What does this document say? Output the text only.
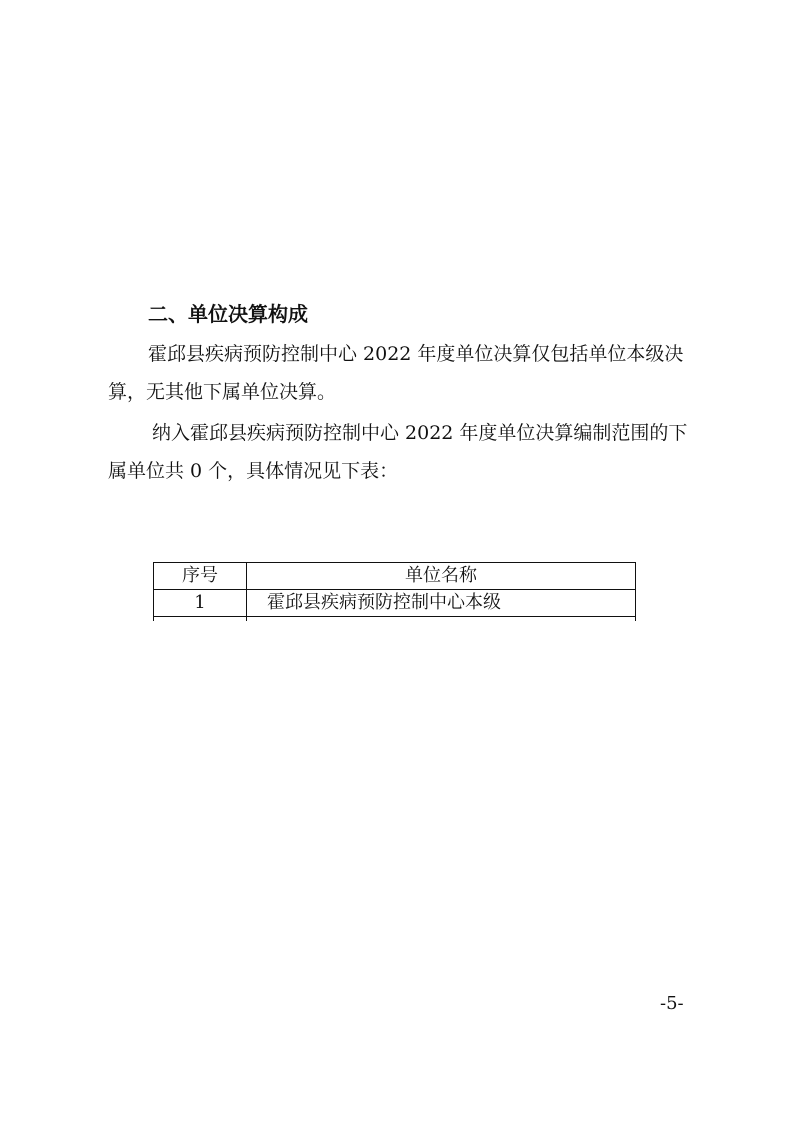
二、单位决算构成

霍邱县疾病预防控制中心 2022 年度单位决算仅包括单位本级决算，无其他下属单位决算。

纳入霍邱县疾病预防控制中心 2022 年度单位决算编制范围的下属单位共 0 个，具体情况见下表：

序号	单位名称
1	霍邱县疾病预防控制中心本级

-5-
